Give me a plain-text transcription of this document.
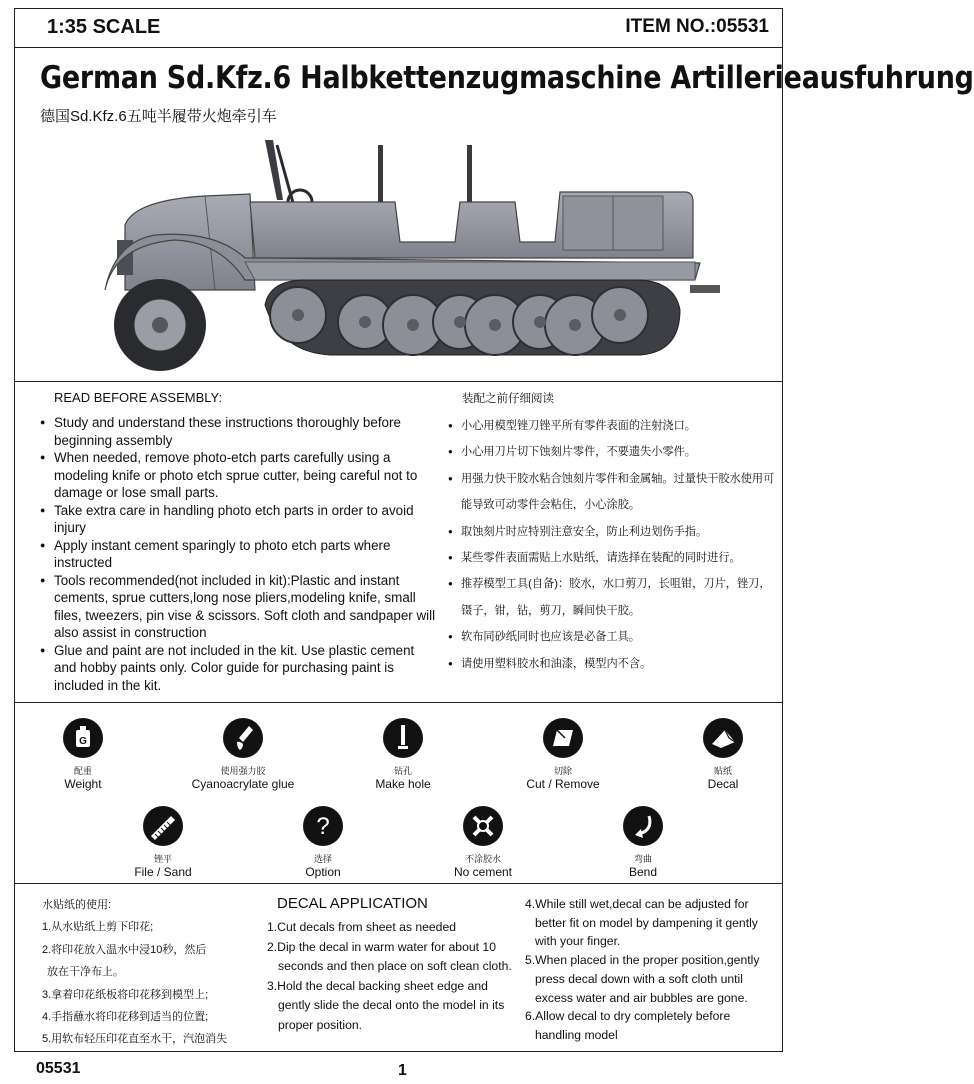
1:35 SCALE	ITEM NO.:05531
German Sd.Kfz.6 Halbkettenzugmaschine Artillerieausfuhrung
德国Sd.Kfz.6五吨半履带火炮牵引车
READ BEFORE ASSEMBLY:
● Study and understand these instructions thoroughly before beginning assembly
● When needed, remove photo-etch parts carefully using a modeling knife or photo etch sprue cutter, being careful not to damage or lose small parts.
● Take extra care in handling photo etch parts in order to avoid injury
● Apply instant cement sparingly to photo etch parts where instructed
● Tools recommended(not included in kit):Plastic and instant cements, sprue cutters,long nose pliers,modeling knife, small files, tweezers, pin vise & scissors. Soft cloth and sandpaper will also assist in construction
● Glue and paint are not included in the kit. Use plastic cement and hobby paints only. Color guide for purchasing paint is included in the kit.
装配之前仔细阅读
● 小心用模型锉刀锉平所有零件表面的注射浇口。
● 小心用刀片切下蚀刻片零件，不要遗失小零件。
● 用强力快干胶水粘合蚀刻片零件和金属轴。过量快干胶水使用可能导致可动零件会粘住，小心涂胶。
● 取蚀刻片时应特别注意安全，防止利边划伤手指。
● 某些零件表面需贴上水贴纸，请选择在装配的同时进行。
● 推荐模型工具(自备)：胶水，水口剪刀，长咀钳，刀片，锉刀，镊子，钳，钻，剪刀，瞬间快干胶。
● 软布同砂纸同时也应该是必备工具。
● 请使用塑料胶水和油漆，模型内不含。
G
配重
Weight
使用强力胶
Cyanoacrylate glue
钻孔
Make hole
切除
Cut / Remove
贴纸
Decal
锉平
File / Sand
?
选择
Option
不涂胶水
No cement
弯曲
Bend
水贴纸的使用:
1.从水贴纸上剪下印花;
2.将印花放入温水中浸10秒，然后
放在干净布上。
3.拿着印花纸板将印花移到模型上;
4.手指蘸水将印花移到适当的位置;
5.用软布轻压印花直至水干，汽泡消失
DECAL APPLICATION
1.Cut decals from sheet as needed
2.Dip the decal in warm water for about 10 seconds and then place on soft clean cloth.
3.Hold the decal backing sheet edge and gently slide the decal onto the model in its proper position.
4.While still wet,decal can be adjusted for better fit on model by dampening it gently with your finger.
5.When placed in the proper position,gently press decal down with a soft cloth until excess water and air bubbles are gone.
6.Allow decal to dry completely before handling model
05531	1
